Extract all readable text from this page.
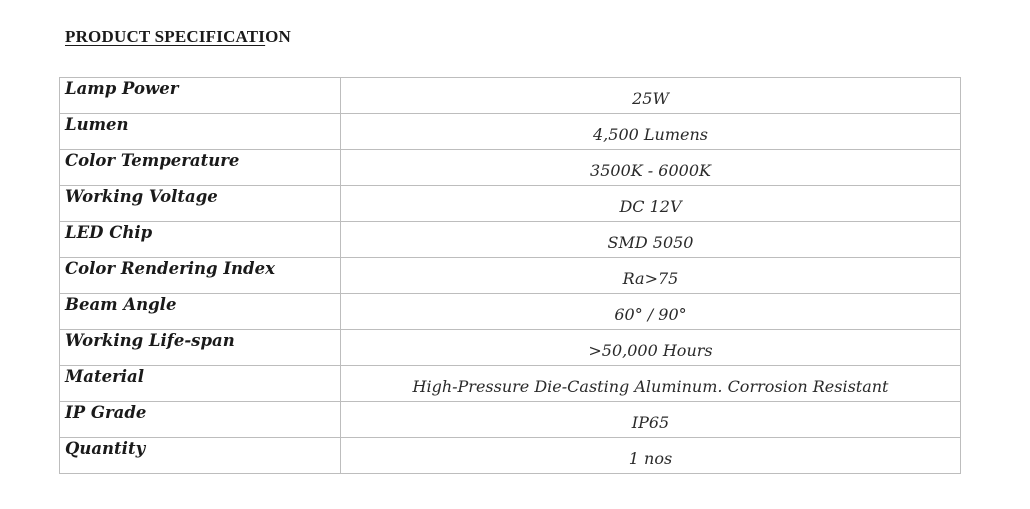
PRODUCT SPECIFICATION
Lamp Power	25W
Lumen	4,500 Lumens
Color Temperature	3500K - 6000K
Working Voltage	DC 12V
LED Chip	SMD 5050
Color Rendering Index	Ra>75
Beam Angle	60° / 90°
Working Life-span	>50,000 Hours
Material	High-Pressure Die-Casting Aluminum. Corrosion Resistant
IP Grade	IP65
Quantity	1 nos
